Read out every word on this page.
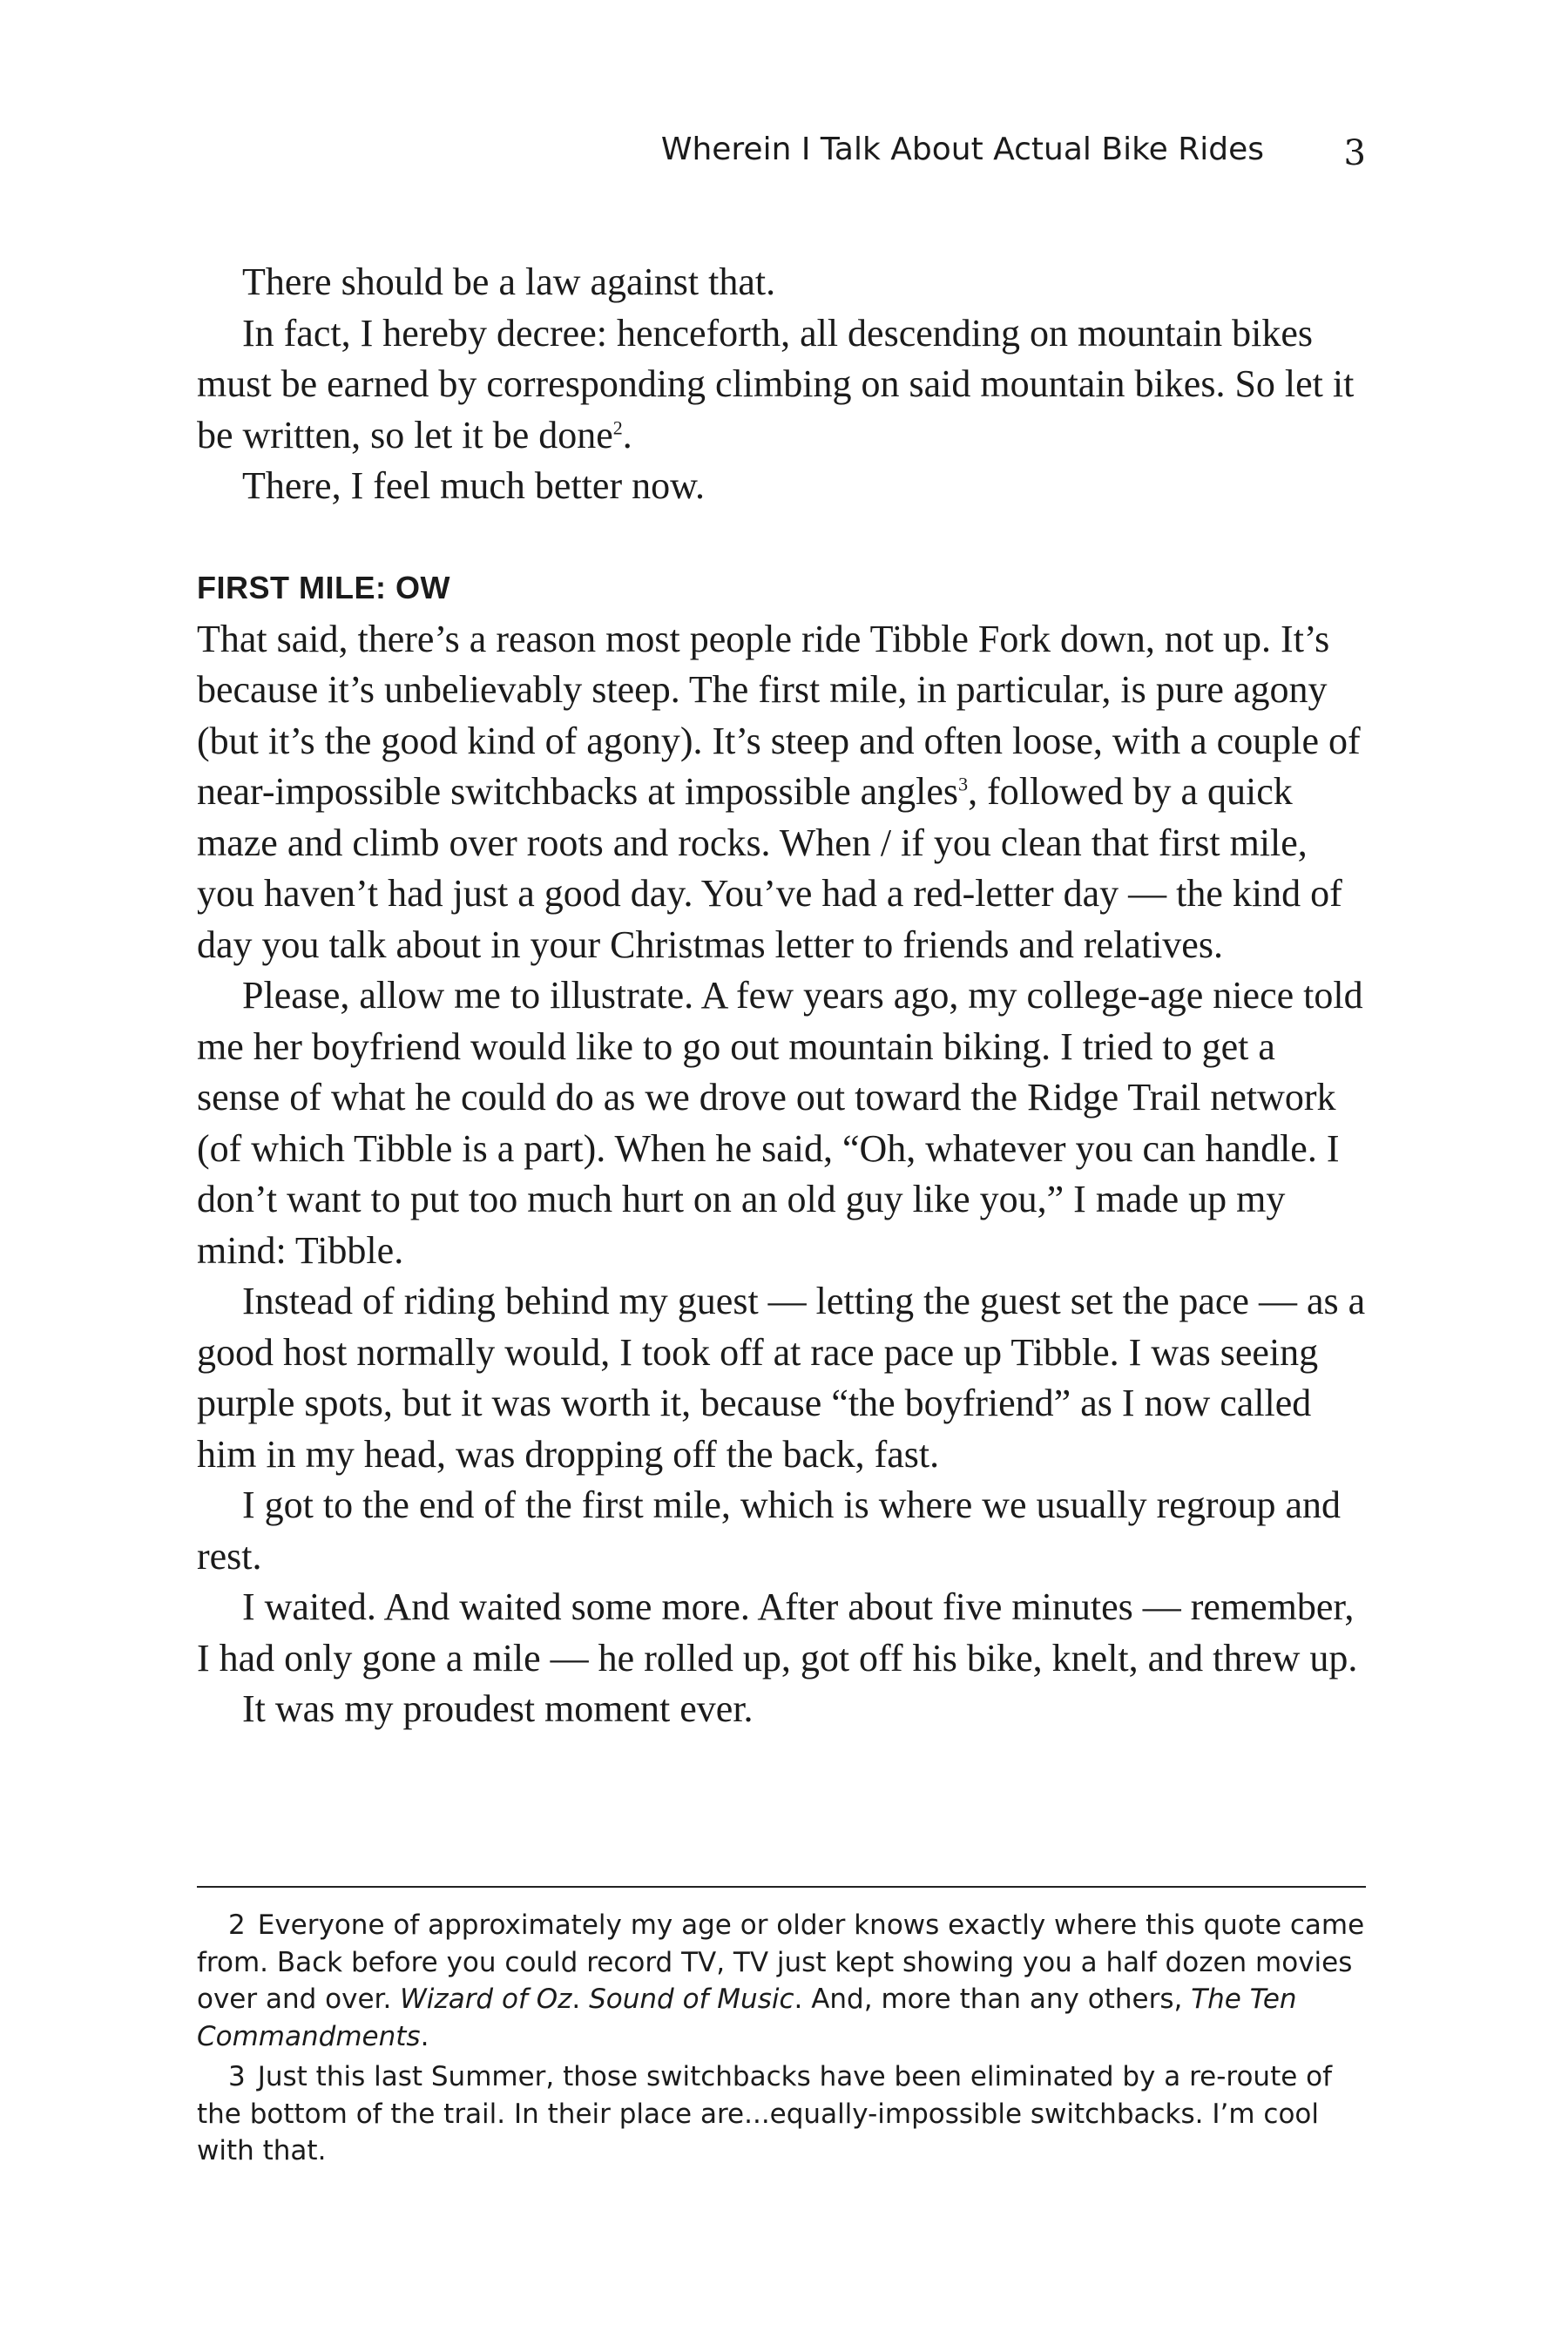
Wherein I Talk About Actual Bike Rides 3

There should be a law against that.

In fact, I hereby decree: henceforth, all descending on mountain bikes must be earned by corresponding climbing on said mountain bikes. So let it be written, so let it be done$^2$.

There, I feel much better now.

FIRST MILE: OW

That said, there’s a reason most people ride Tibble Fork down, not up. It’s because it’s unbelievably steep. The first mile, in particular, is pure agony (but it’s the good kind of agony). It’s steep and often loose, with a couple of near-impossible switchbacks at impossible angles$^3$, followed by a quick maze and climb over roots and rocks. When / if you clean that first mile, you haven’t had just a good day. You’ve had a red-letter day — the kind of day you talk about in your Christmas letter to friends and relatives.

Please, allow me to illustrate. A few years ago, my college-age niece told me her boyfriend would like to go out mountain biking. I tried to get a sense of what he could do as we drove out toward the Ridge Trail network (of which Tibble is a part). When he said, “Oh, whatever you can handle. I don’t want to put too much hurt on an old guy like you,” I made up my mind: Tibble.

Instead of riding behind my guest — letting the guest set the pace — as a good host normally would, I took off at race pace up Tibble. I was seeing purple spots, but it was worth it, because “the boyfriend” as I now called him in my head, was dropping off the back, fast.

I got to the end of the first mile, which is where we usually regroup and rest.

I waited. And waited some more. After about five minutes — remember, I had only gone a mile — he rolled up, got off his bike, knelt, and threw up.

It was my proudest moment ever.

2 Everyone of approximately my age or older knows exactly where this quote came from. Back before you could record TV, TV just kept showing you a half dozen movies over and over. Wizard of Oz. Sound of Music. And, more than any others, The Ten Commandments.

3 Just this last Summer, those switchbacks have been eliminated by a re-route of the bottom of the trail. In their place are...equally-impossible switchbacks. I’m cool with that.
